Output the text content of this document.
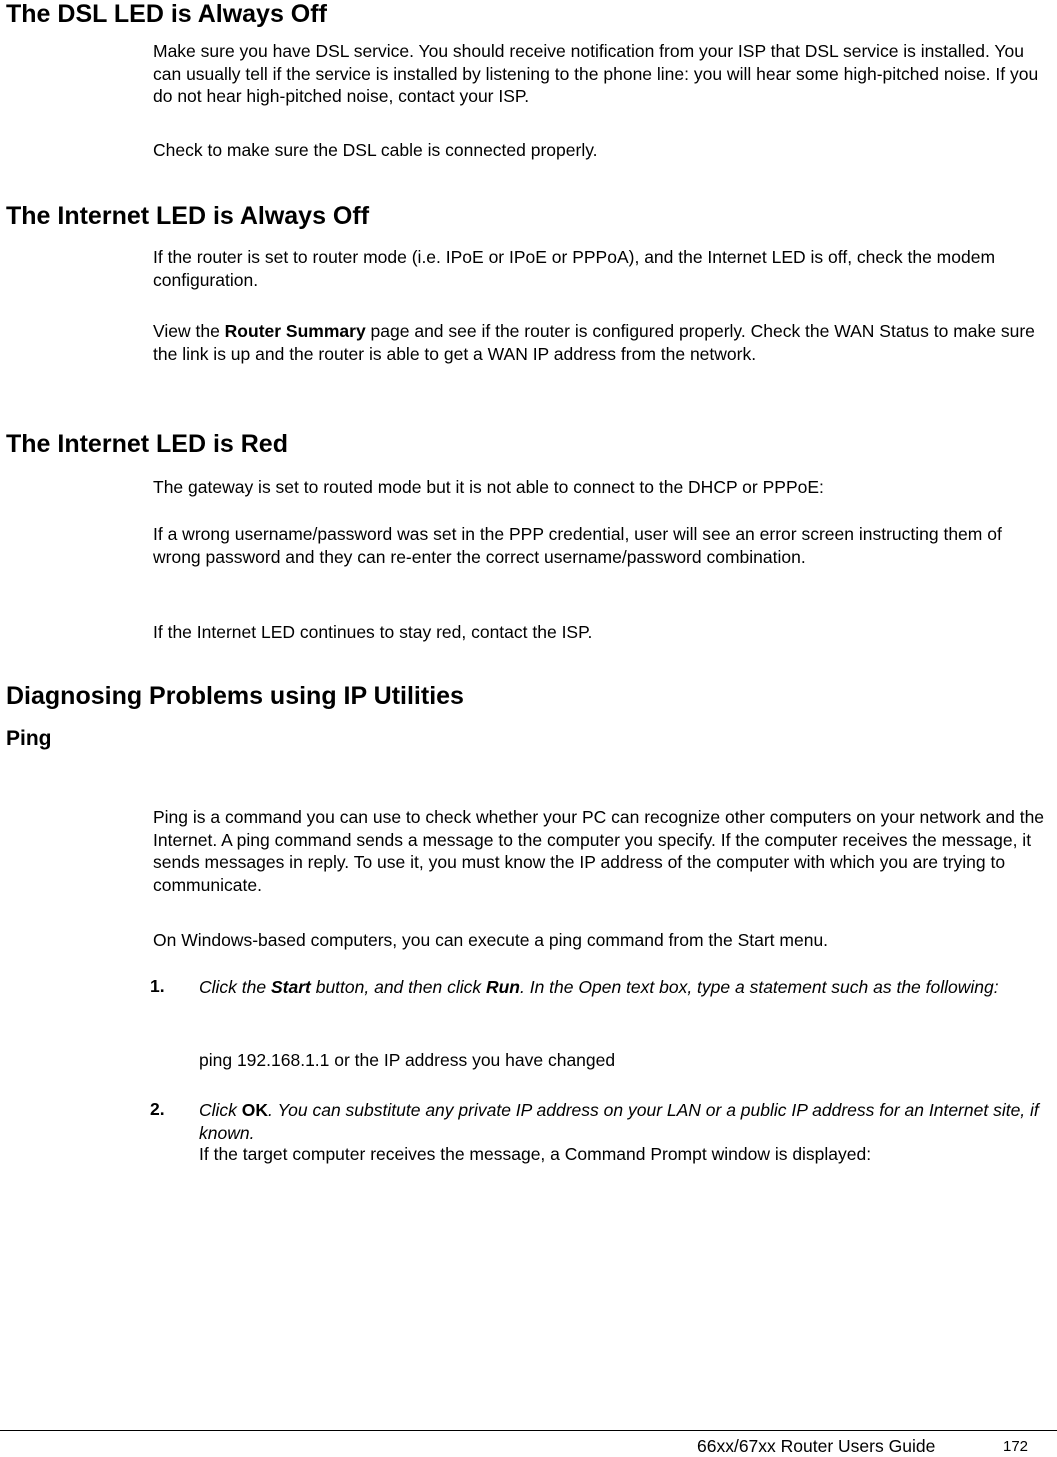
The DSL LED is Always Off

Make sure you have DSL service. You should receive notification from your ISP that DSL service is installed. You can usually tell if the service is installed by listening to the phone line: you will hear some high-pitched noise. If you do not hear high-pitched noise, contact your ISP.

Check to make sure the DSL cable is connected properly.

The Internet LED is Always Off

If the router is set to router mode (i.e. IPoE or IPoE or PPPoA), and the Internet LED is off, check the modem configuration.

View the Router Summary page and see if the router is configured properly. Check the WAN Status to make sure the link is up and the router is able to get a WAN IP address from the network.

The Internet LED is Red

The gateway is set to routed mode but it is not able to connect to the DHCP or PPPoE:

If a wrong username/password was set in the PPP credential, user will see an error screen instructing them of wrong password and they can re-enter the correct username/password combination.

If the Internet LED continues to stay red, contact the ISP.

Diagnosing Problems using IP Utilities
Ping

Ping is a command you can use to check whether your PC can recognize other computers on your network and the Internet. A ping command sends a message to the computer you specify. If the computer receives the message, it sends messages in reply. To use it, you must know the IP address of the computer with which you are trying to communicate.

On Windows-based computers, you can execute a ping command from the Start menu.

1. Click the Start button, and then click Run. In the Open text box, type a statement such as the following:

ping 192.168.1.1 or the IP address you have changed

2. Click OK. You can substitute any private IP address on your LAN or a public IP address for an Internet site, if known.

If the target computer receives the message, a Command Prompt window is displayed:

66xx/67xx Router Users Guide	172
